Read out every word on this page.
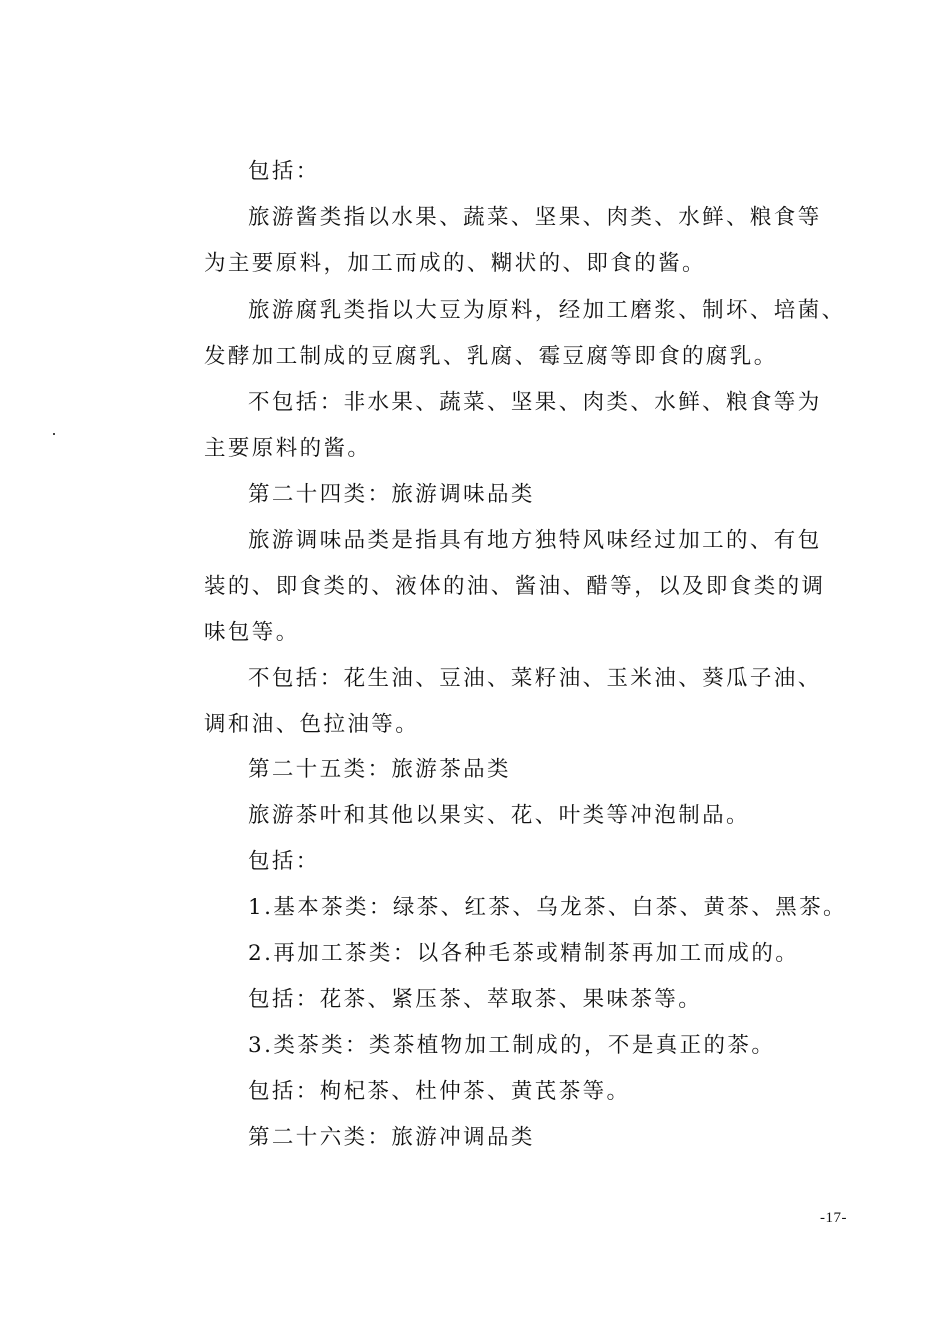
包括：
旅游酱类指以水果、蔬菜、坚果、肉类、水鲜、粮食等
为主要原料，加工而成的、糊状的、即食的酱。
旅游腐乳类指以大豆为原料，经加工磨浆、制坏、培菌、
发酵加工制成的豆腐乳、乳腐、霉豆腐等即食的腐乳。
不包括：非水果、蔬菜、坚果、肉类、水鲜、粮食等为
主要原料的酱。
第二十四类：旅游调味品类
旅游调味品类是指具有地方独特风味经过加工的、有包
装的、即食类的、液体的油、酱油、醋等，以及即食类的调
味包等。
不包括：花生油、豆油、菜籽油、玉米油、葵瓜子油、
调和油、色拉油等。
第二十五类：旅游茶品类
旅游茶叶和其他以果实、花、叶类等冲泡制品。
包括：
1.基本茶类：绿茶、红茶、乌龙茶、白茶、黄茶、黑茶。
2.再加工茶类：以各种毛茶或精制茶再加工而成的。
包括：花茶、紧压茶、萃取茶、果味茶等。
3.类茶类：类茶植物加工制成的，不是真正的茶。
包括：枸杞茶、杜仲茶、黄芪茶等。
第二十六类：旅游冲调品类
-17-
